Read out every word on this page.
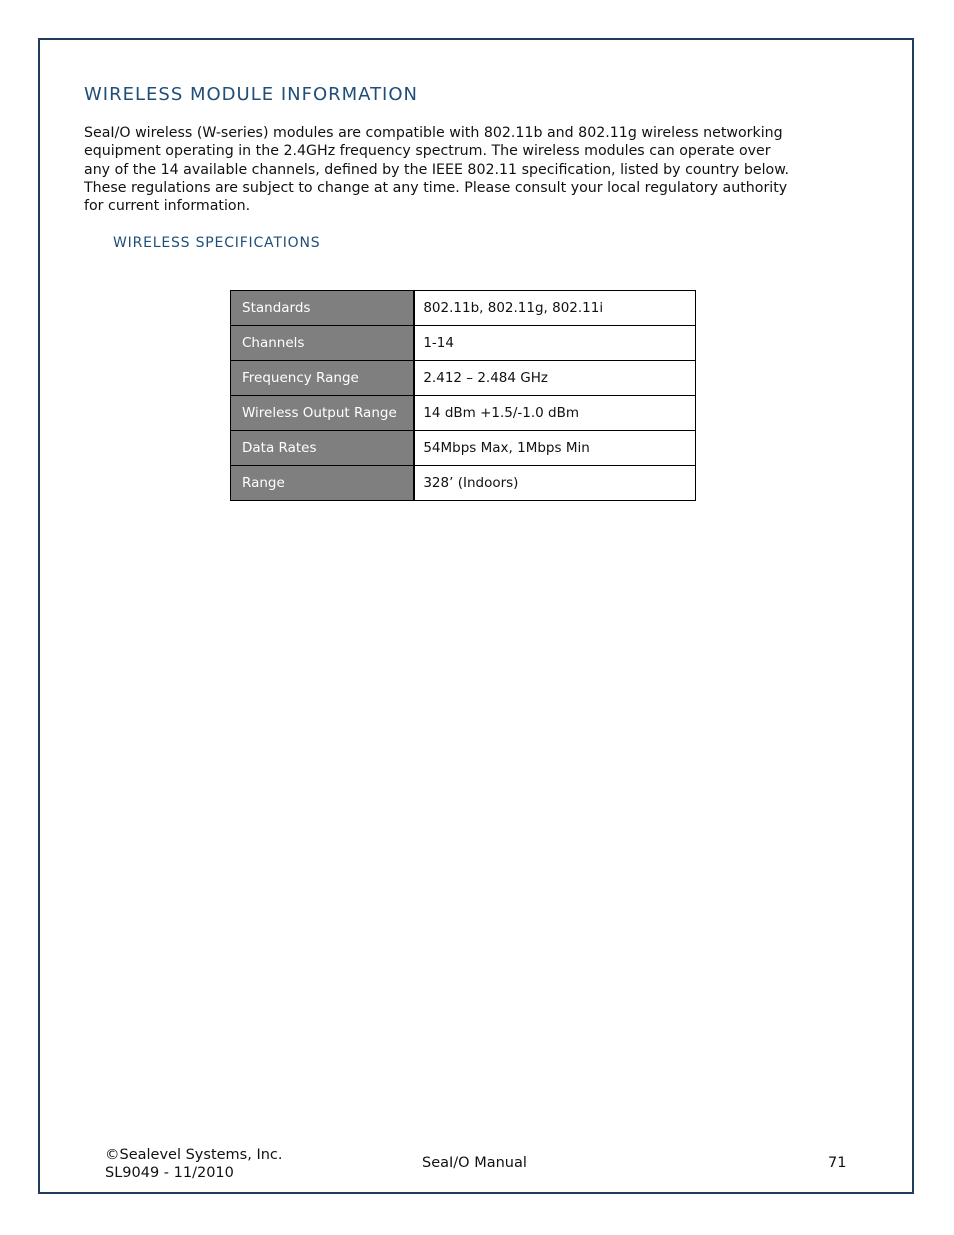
WIRELESS MODULE INFORMATION

SeaI/O wireless (W-series) modules are compatible with 802.11b and 802.11g wireless networking
equipment operating in the 2.4GHz frequency spectrum. The wireless modules can operate over
any of the 14 available channels, defined by the IEEE 802.11 specification, listed by country below.
These regulations are subject to change at any time. Please consult your local regulatory authority
for current information.

WIRELESS SPECIFICATIONS
Standards	802.11b, 802.11g, 802.11i
Channels	1-14
Frequency Range	2.412 – 2.484 GHz
Wireless Output Range	14 dBm +1.5/-1.0 dBm
Data Rates	54Mbps Max, 1Mbps Min
Range	328’ (Indoors)
©Sealevel Systems, Inc.
SL9049 - 11/2010
SeaI/O Manual	71
